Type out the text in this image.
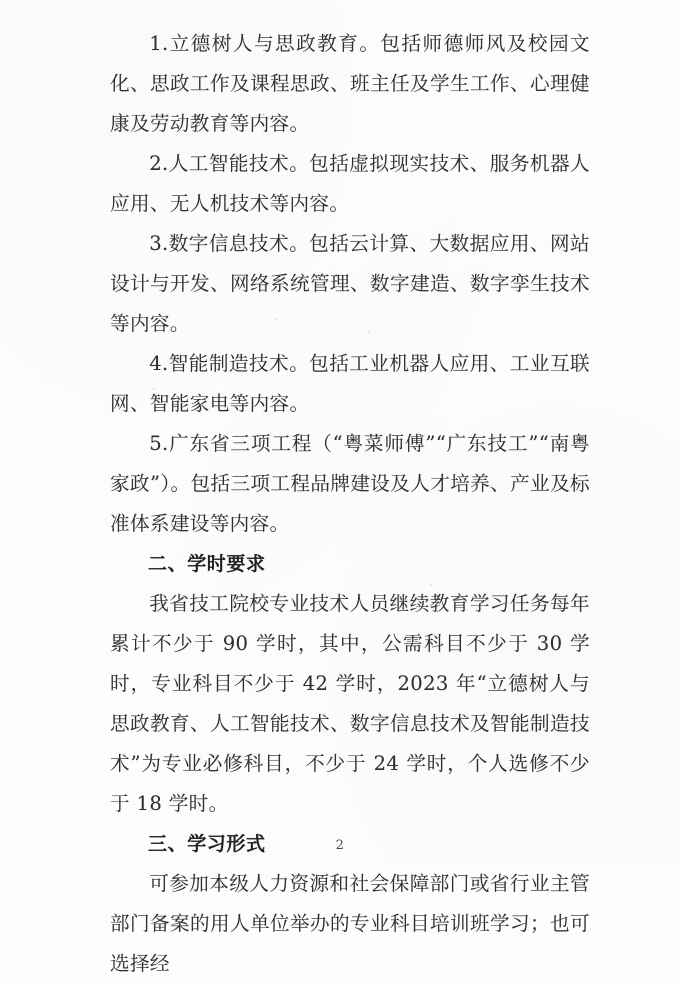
1.立德树人与思政教育。包括师德师风及校园文化、思政工作及课程思政、班主任及学生工作、心理健康及劳动教育等内容。

2.人工智能技术。包括虚拟现实技术、服务机器人应用、无人机技术等内容。

3.数字信息技术。包括云计算、大数据应用、网站设计与开发、网络系统管理、数字建造、数字孪生技术等内容。

4.智能制造技术。包括工业机器人应用、工业互联网、智能家电等内容。

5.广东省三项工程（“粤菜师傅”“广东技工”“南粤家政”）。包括三项工程品牌建设及人才培养、产业及标准体系建设等内容。

二、学时要求

我省技工院校专业技术人员继续教育学习任务每年累计不少于 90 学时，其中，公需科目不少于 30 学时，专业科目不少于 42 学时，2023 年“立德树人与思政教育、人工智能技术、数字信息技术及智能制造技术”为专业必修科目，不少于 24 学时，个人选修不少于 18 学时。

三、学习形式

可参加本级人力资源和社会保障部门或省行业主管部门备案的用人单位举办的专业科目培训班学习；也可选择经

2
